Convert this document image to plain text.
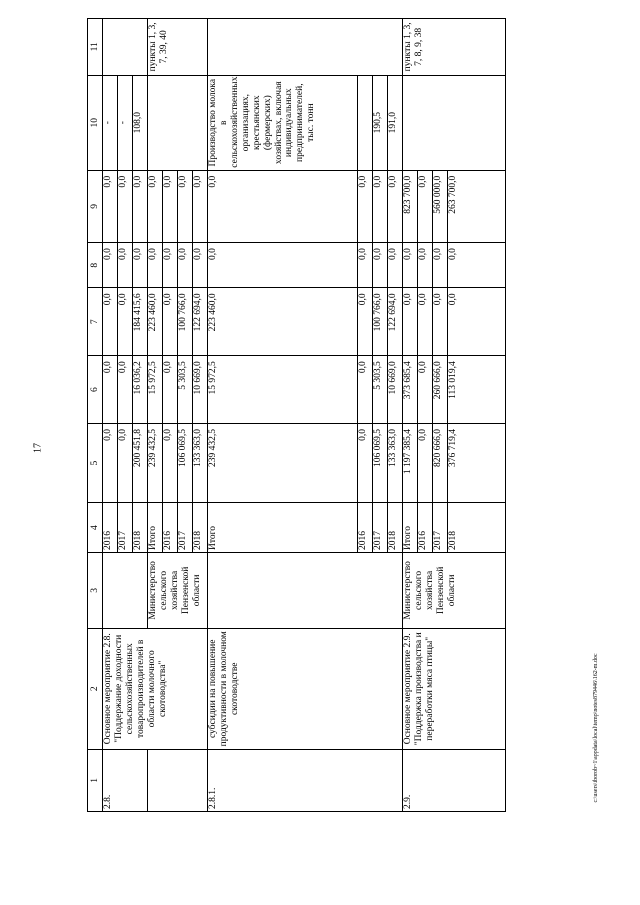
17
c:\users\iborob~1\appdata\local\temp\notes879446\162-m.doc
1	2	3	4	5	6	7	8	9	10	11
2.8.	Основное мероприятие 2.8. "Поддержание доходности сельскохозяйственных товаропроизводителей в области молочного скотоводства"		2016	0,0	0,0	0,0	0,0	0,0	-	
			2017	0,0	0,0	0,0	0,0	0,0	-	
			2018	200 451,8	16 036,2	184 415,6	0,0	0,0	108,0	
		Министерство сельского хозяйства Пензенской области	Итого	239 432,5	15 972,5	223 460,0	0,0	0,0		пункты 1, 3, 7, 39, 40
			2016	0,0	0,0	0,0	0,0	0,0		
			2017	106 069,5	5 303,5	100 766,0	0,0	0,0		
			2018	133 363,0	10 669,0	122 694,0	0,0	0,0		
2.8.1.	субсидии на повышение продуктивности в молочном скотоводстве		Итого	239 432,5	15 972,5	223 460,0	0,0	0,0	Производство молока в сельскохозяйственных организациях, крестьянских (фермерских) хозяйствах, включая индивидуальных предпринимателей, тыс. тонн	
			2016	0,0	0,0	0,0	0,0	0,0		
			2017	106 069,5	5 303,5	100 766,0	0,0	0,0	190,5	
			2018	133 363,0	10 669,0	122 694,0	0,0	0,0	191,0	
2.9.	Основное мероприятие 2.9. "Поддержка производства и переработки мяса птицы"	Министерство сельского хозяйства Пензенской области	Итого	1 197 385,4	373 685,4	0,0	0,0	823 700,0		пункты 1, 3, 7, 8, 9, 38
			2016	0,0	0,0	0,0	0,0	0,0		
			2017	820 666,0	260 666,0	0,0	0,0	560 000,0		
			2018	376 719,4	113 019,4	0,0	0,0	263 700,0		
